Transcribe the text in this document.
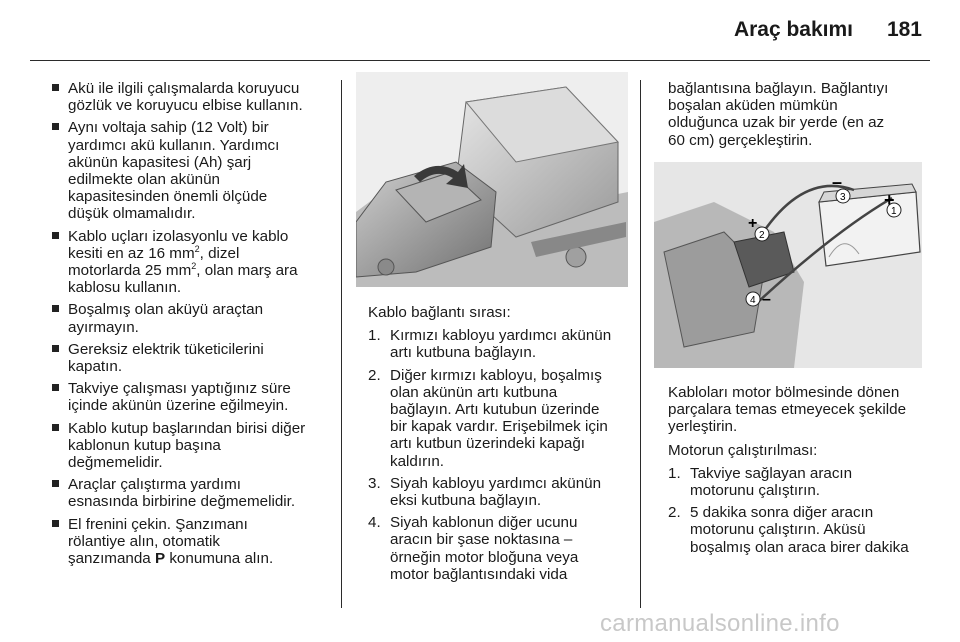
Araç bakımı 181
Akü ile ilgili çalışmalarda koruyucu
gözlük ve koruyucu elbise kullanın.
Aynı voltaja sahip (12 Volt) bir
yardımcı akü kullanın. Yardımcı
akünün kapasitesi (Ah) şarj
edilmekte olan akünün
kapasitesinden önemli ölçüde
düşük olmamalıdır.
Kablo uçları izolasyonlu ve kablo
kesiti en az 16 $mm^2$, dizel
motorlarda 25 $mm^2$, olan marş ara
kablosu kullanın.
Boşalmış olan aküyü araçtan
ayırmayın.
Gereksiz elektrik tüketicilerini
kapatın.
Takviye çalışması yaptığınız süre
içinde akünün üzerine eğilmeyin.
Kablo kutup başlarından birisi diğer
kablonun kutup başına
değmemelidir.
Araçlar çalıştırma yardımı
esnasında birbirine değmemelidir.
El frenini çekin. Şanzımanı
rölantiye alın, otomatik
şanzımanda P konumuna alın.

Kablo bağlantı sırası:

1. Kırmızı kabloyu yardımcı akünün
artı kutbuna bağlayın.
2. Diğer kırmızı kabloyu, boşalmış
olan akünün artı kutbuna
bağlayın. Artı kutubun üzerinde
bir kapak vardır. Erişebilmek için
artı kutbun üzerindeki kapağı
kaldırın.
3. Siyah kabloyu yardımcı akünün
eksi kutbuna bağlayın.
4. Siyah kablonun diğer ucunu
aracın bir şase noktasına –
örneğin motor bloğuna veya
motor bağlantısındaki vida

bağlantısına bağlayın. Bağlantıyı
boşalan aküden mümkün
olduğunca uzak bir yerde (en az
60 cm) gerçekleştirin.

1
2
3
4
+
–
+
–

Kabloları motor bölmesinde dönen
parçalara temas etmeyecek şekilde
yerleştirin.

Motorun çalıştırılması:

1. Takviye sağlayan aracın
motorunu çalıştırın.
2. 5 dakika sonra diğer aracın
motorunu çalıştırın. Aküsü
boşalmış olan araca birer dakika
carmanualsonline.info
